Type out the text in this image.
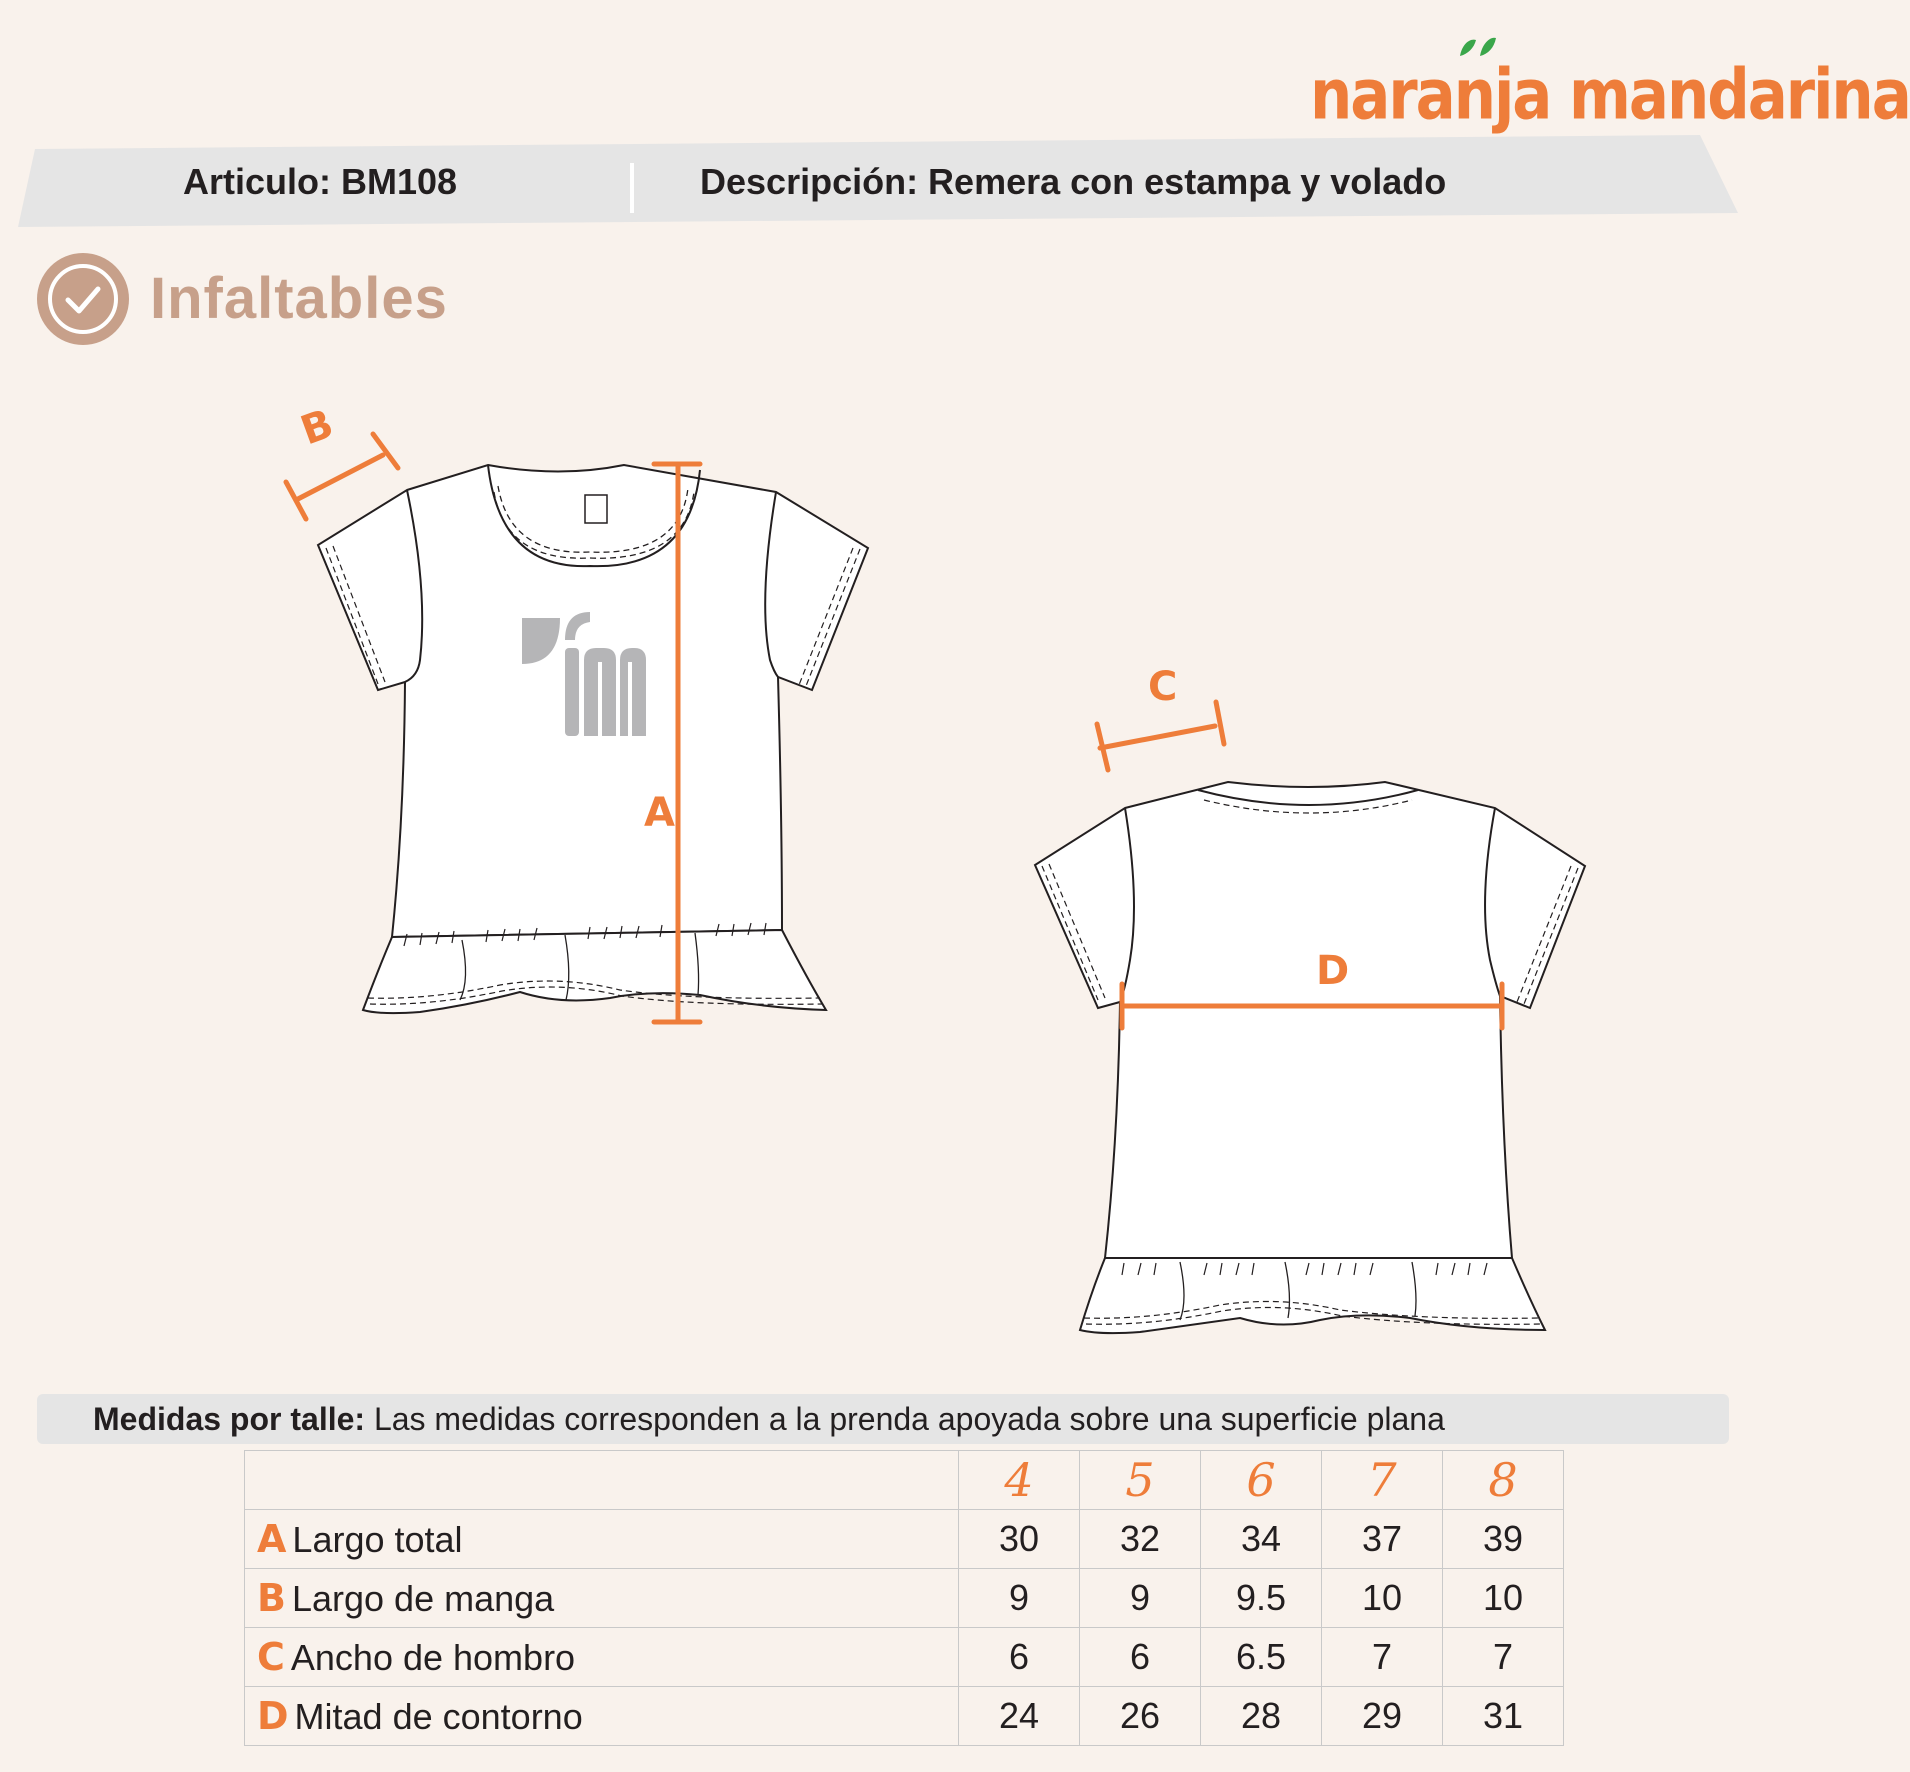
naranja mandarina
Articulo: BM108	Descripción: Remera con estampa y volado
Infaltables
A
B
C
D
Medidas por talle: Las medidas corresponden a la prenda apoyada sobre una superficie plana
	4	5	6	7	8
A Largo total	30	32	34	37	39
B Largo de manga	9	9	9.5	10	10
C Ancho de hombro	6	6	6.5	7	7
D Mitad de contorno	24	26	28	29	31
